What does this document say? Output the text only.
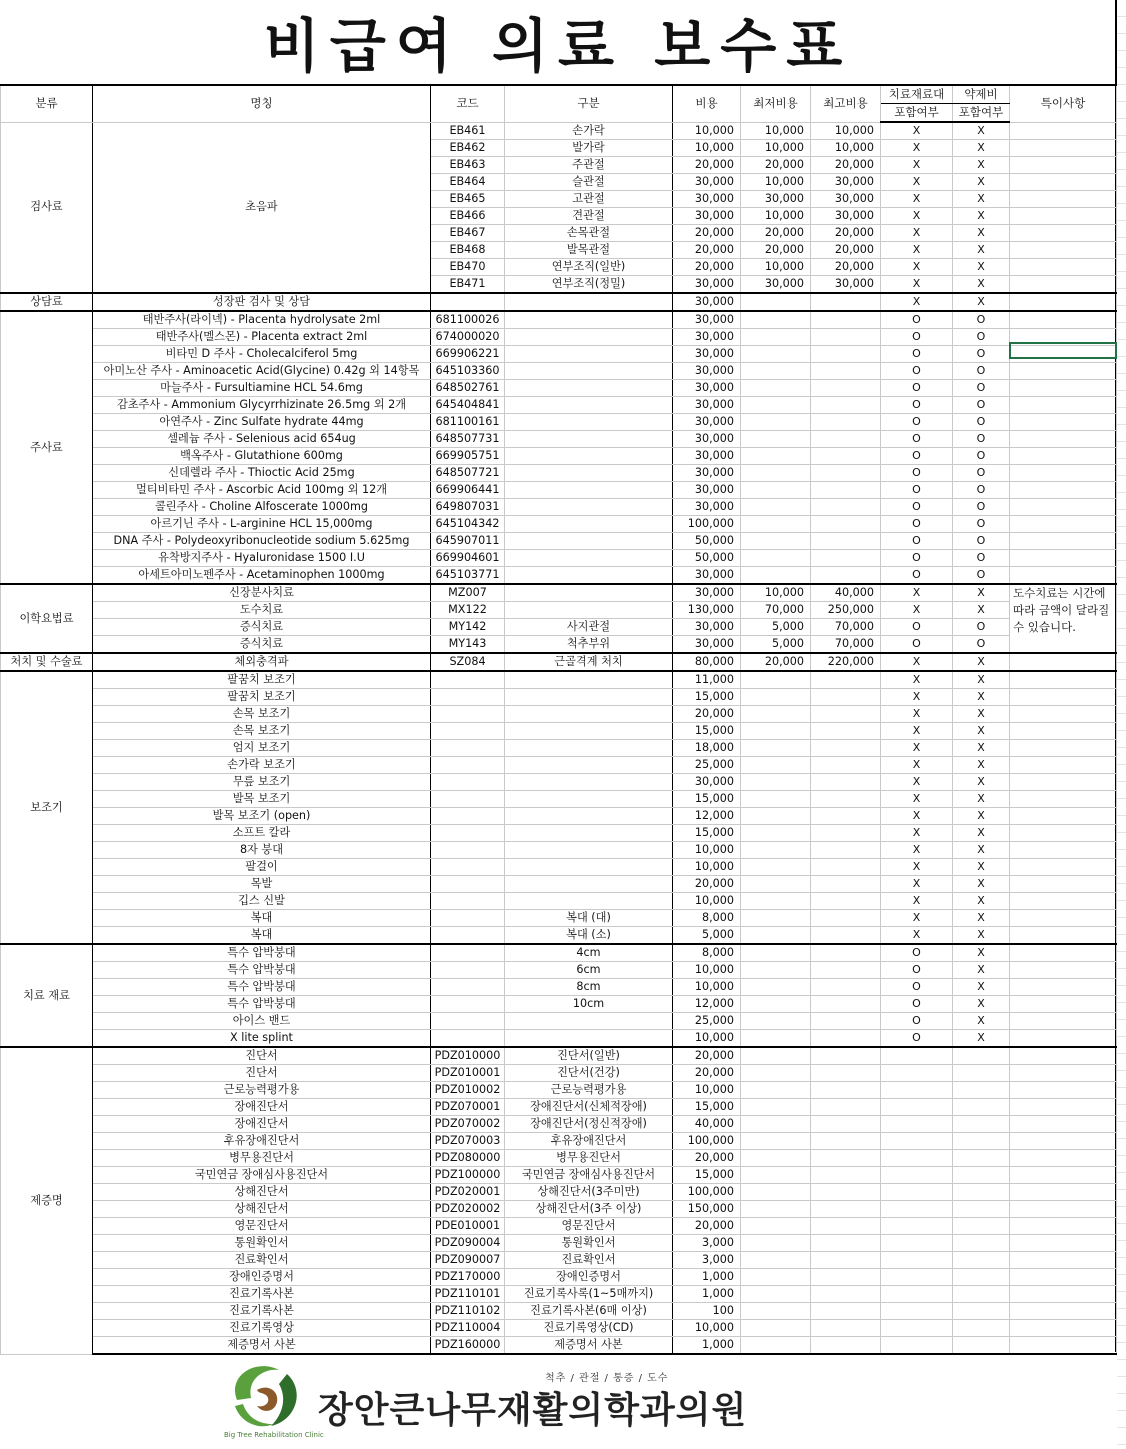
비급여 의료 보수표
분류	명칭	코드	구분	비용	최저비용	최고비용	치료재료대	약제비	특이사항
							포함여부	포함여부	
검사료	초음파	EB461	손가락	10,000	10,000	10,000	X	X	
		EB462	발가락	10,000	10,000	10,000	X	X	
		EB463	주관절	20,000	20,000	20,000	X	X	
		EB464	슬관절	30,000	10,000	30,000	X	X	
		EB465	고관절	30,000	30,000	30,000	X	X	
		EB466	견관절	30,000	10,000	30,000	X	X	
		EB467	손목관절	20,000	20,000	20,000	X	X	
		EB468	발목관절	20,000	20,000	20,000	X	X	
		EB470	연부조직(일반)	20,000	10,000	20,000	X	X	
		EB471	연부조직(정밀)	30,000	30,000	30,000	X	X	
상담료	성장판 검사 및 상담			30,000			X	X	
주사료	태반주사(라이넥) - Placenta hydrolysate 2ml	681100026		30,000			O	O	
	태반주사(멜스몬) - Placenta extract 2ml	674000020		30,000			O	O	
	비타민 D 주사 - Cholecalciferol 5mg	669906221		30,000			O	O	
	아미노산 주사 - Aminoacetic Acid(Glycine) 0.42g 외 14항목	645103360		30,000			O	O	
	마늘주사 - Fursultiamine HCL 54.6mg	648502761		30,000			O	O	
	감초주사 - Ammonium Glycyrrhizinate 26.5mg 외 2개	645404841		30,000			O	O	
	아연주사 - Zinc Sulfate hydrate 44mg	681100161		30,000			O	O	
	셀레늄 주사 - Selenious acid 654ug	648507731		30,000			O	O	
	백옥주사 - Glutathione 600mg	669905751		30,000			O	O	
	신데렐라 주사 - Thioctic Acid 25mg	648507721		30,000			O	O	
	멀티비타민 주사 - Ascorbic Acid 100mg 외 12개	669906441		30,000			O	O	
	콜린주사 - Choline Alfoscerate 1000mg	649807031		30,000			O	O	
	아르기닌 주사 - L-arginine HCL 15,000mg	645104342		100,000			O	O	
	DNA 주사 - Polydeoxyribonucleotide sodium 5.625mg	645907011		50,000			O	O	
	유착방지주사 - Hyaluronidase 1500 I.U	669904601		50,000			O	O	
	아세트아미노펜주사 - Acetaminophen 1000mg	645103771		30,000			O	O	
이학요법료	신장분사치료	MZ007		30,000	10,000	40,000	X	X	도수치료는 시간에 따라 금액이 달라질 수 있습니다.
	도수치료	MX122		130,000	70,000	250,000	X	X	
	증식치료	MY142	사지관절	30,000	5,000	70,000	O	O	
	증식치료	MY143	척추부위	30,000	5,000	70,000	O	O	
처치 및 수술료	체외충격파	SZ084	근골격계 처치	80,000	20,000	220,000	X	X	
보조기	팔꿈치 보조기			11,000			X	X	
	팔꿈치 보조기			15,000			X	X	
	손목 보조기			20,000			X	X	
	손목 보조기			15,000			X	X	
	엄지 보조기			18,000			X	X	
	손가락 보조기			25,000			X	X	
	무릎 보조기			30,000			X	X	
	발목 보조기			15,000			X	X	
	발목 보조기 (open)			12,000			X	X	
	소프트 칼라			15,000			X	X	
	8자 붕대			10,000			X	X	
	팔걸이			10,000			X	X	
	목발			20,000			X	X	
	깁스 신발			10,000			X	X	
	복대		복대 (대)	8,000			X	X	
	복대		복대 (소)	5,000			X	X	
치료 재료	특수 압박붕대		4cm	8,000			O	X	
	특수 압박붕대		6cm	10,000			O	X	
	특수 압박붕대		8cm	10,000			O	X	
	특수 압박붕대		10cm	12,000			O	X	
	아이스 밴드			25,000			O	X	
	X lite splint			10,000			O	X	
제증명	진단서	PDZ010000	진단서(일반)	20,000					
	진단서	PDZ010001	진단서(건강)	20,000					
	근로능력평가용	PDZ010002	근로능력평가용	10,000					
	장애진단서	PDZ070001	장애진단서(신체적장애)	15,000					
	장애진단서	PDZ070002	장애진단서(정신적장애)	40,000					
	후유장애진단서	PDZ070003	후유장애진단서	100,000					
	병무용진단서	PDZ080000	병무용진단서	20,000					
	국민연금 장애심사용진단서	PDZ100000	국민연금 장애심사용진단서	15,000					
	상해진단서	PDZ020001	상해진단서(3주미만)	100,000					
	상해진단서	PDZ020002	상해진단서(3주 이상)	150,000					
	영문진단서	PDE010001	영문진단서	20,000					
	통원확인서	PDZ090004	통원확인서	3,000					
	진료확인서	PDZ090007	진료확인서	3,000					
	장애인증명서	PDZ170000	장애인증명서	1,000					
	진료기록사본	PDZ110101	진료기록사록(1~5매까지)	1,000					
	진료기록사본	PDZ110102	진료기록사본(6매 이상)	100					
	진료기록영상	PDZ110004	진료기록영상(CD)	10,000					
	제증명서 사본	PDZ160000	제증명서 사본	1,000					
척추 / 관절 / 통증 / 도수
장안큰나무재활의학과의원
Big Tree Rehabilitation Clinic
